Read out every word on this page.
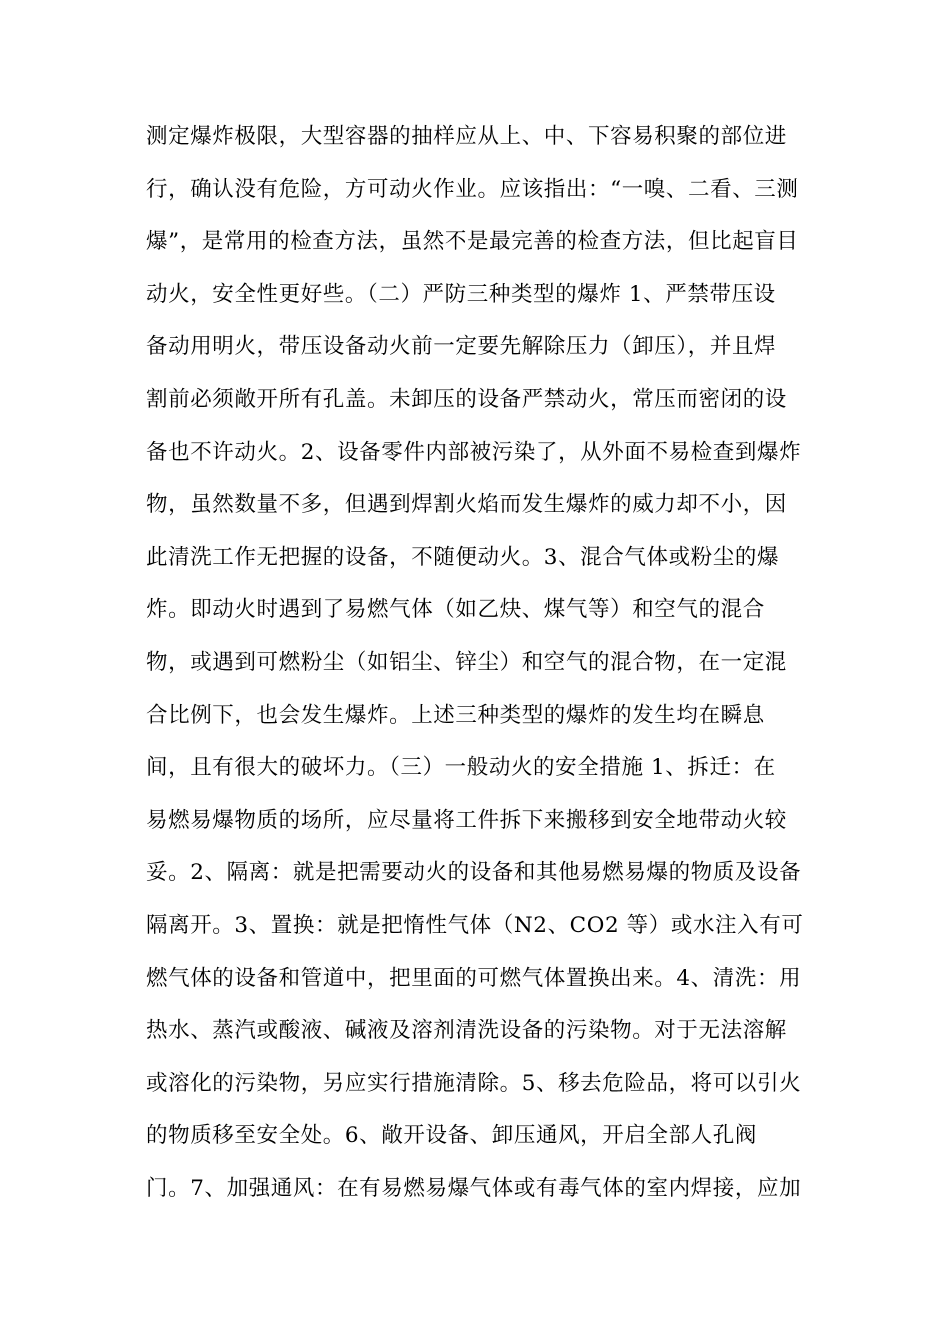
测定爆炸极限，大型容器的抽样应从上、中、下容易积聚的部位进
行，确认没有危险，方可动火作业。应该指出：“一嗅、二看、三测
爆”，是常用的检查方法，虽然不是最完善的检查方法，但比起盲目
动火，安全性更好些。（二）严防三种类型的爆炸 1、严禁带压设
备动用明火，带压设备动火前一定要先解除压力（卸压），并且焊
割前必须敞开所有孔盖。未卸压的设备严禁动火，常压而密闭的设
备也不许动火。2、设备零件内部被污染了，从外面不易检查到爆炸
物，虽然数量不多，但遇到焊割火焰而发生爆炸的威力却不小，因
此清洗工作无把握的设备，不随便动火。3、混合气体或粉尘的爆
炸。即动火时遇到了易燃气体（如乙炔、煤气等）和空气的混合
物，或遇到可燃粉尘（如铝尘、锌尘）和空气的混合物，在一定混
合比例下，也会发生爆炸。上述三种类型的爆炸的发生均在瞬息
间，且有很大的破坏力。（三）一般动火的安全措施 1、拆迁：在
易燃易爆物质的场所，应尽量将工件拆下来搬移到安全地带动火较
妥。2、隔离：就是把需要动火的设备和其他易燃易爆的物质及设备
隔离开。3、置换：就是把惰性气体（N2、CO2 等）或水注入有可
燃气体的设备和管道中，把里面的可燃气体置换出来。4、清洗：用
热水、蒸汽或酸液、碱液及溶剂清洗设备的污染物。对于无法溶解
或溶化的污染物，另应实行措施清除。5、移去危险品，将可以引火
的物质移至安全处。6、敞开设备、卸压通风，开启全部人孔阀
门。7、加强通风：在有易燃易爆气体或有毒气体的室内焊接，应加
